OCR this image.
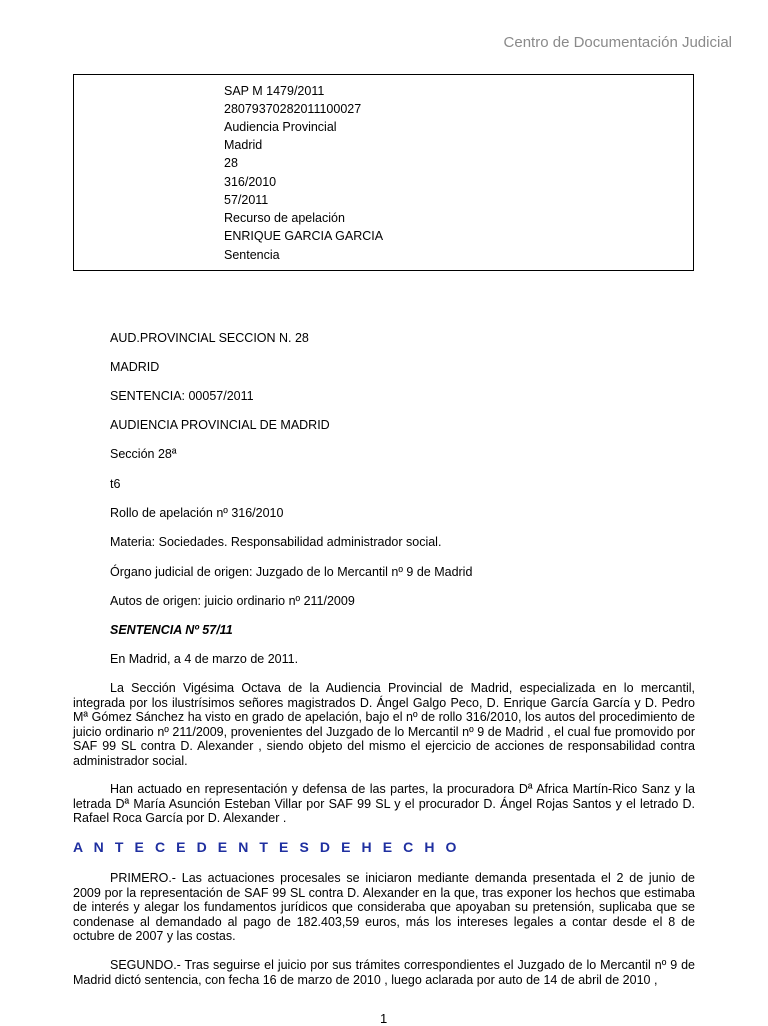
Centro de Documentación Judicial
SAP M 1479/2011
28079370282011100027
Audiencia Provincial
Madrid
28
316/2010
57/2011
Recurso de apelación
ENRIQUE GARCIA GARCIA
Sentencia
AUD.PROVINCIAL SECCION N. 28
MADRID
SENTENCIA: 00057/2011
AUDIENCIA PROVINCIAL DE MADRID
Sección 28ª
t6
Rollo de apelación nº 316/2010
Materia: Sociedades. Responsabilidad administrador social.
Órgano judicial de origen: Juzgado de lo Mercantil nº 9 de Madrid
Autos de origen: juicio ordinario nº 211/2009
SENTENCIA Nº 57/11
En Madrid, a 4 de marzo de 2011.

La Sección Vigésima Octava de la Audiencia Provincial de Madrid, especializada en lo mercantil, integrada por los ilustrísimos señores magistrados D. Ángel Galgo Peco, D. Enrique García García y D. Pedro Mª Gómez Sánchez ha visto en grado de apelación, bajo el nº de rollo 316/2010, los autos del procedimiento de juicio ordinario nº 211/2009, provenientes del Juzgado de lo Mercantil nº 9 de Madrid , el cual fue promovido por SAF 99 SL contra D. Alexander , siendo objeto del mismo el ejercicio de acciones de responsabilidad contra administrador social.

Han actuado en representación y defensa de las partes, la procuradora Dª Africa Martín-Rico Sanz y la letrada Dª María Asunción Esteban Villar por SAF 99 SL y el procurador D. Ángel Rojas Santos y el letrado D. Rafael Roca García por D. Alexander .

A N T E C E D E N T E S D E H E C H O

PRIMERO.- Las actuaciones procesales se iniciaron mediante demanda presentada el 2 de junio de 2009 por la representación de SAF 99 SL contra D. Alexander en la que, tras exponer los hechos que estimaba de interés y alegar los fundamentos jurídicos que consideraba que apoyaban su pretensión, suplicaba que se condenase al demandado al pago de 182.403,59 euros, más los intereses legales a contar desde el 8 de octubre de 2007 y las costas.

SEGUNDO.- Tras seguirse el juicio por sus trámites correspondientes el Juzgado de lo Mercantil nº 9 de Madrid dictó sentencia, con fecha 16 de marzo de 2010 , luego aclarada por auto de 14 de abril de 2010 ,

1
